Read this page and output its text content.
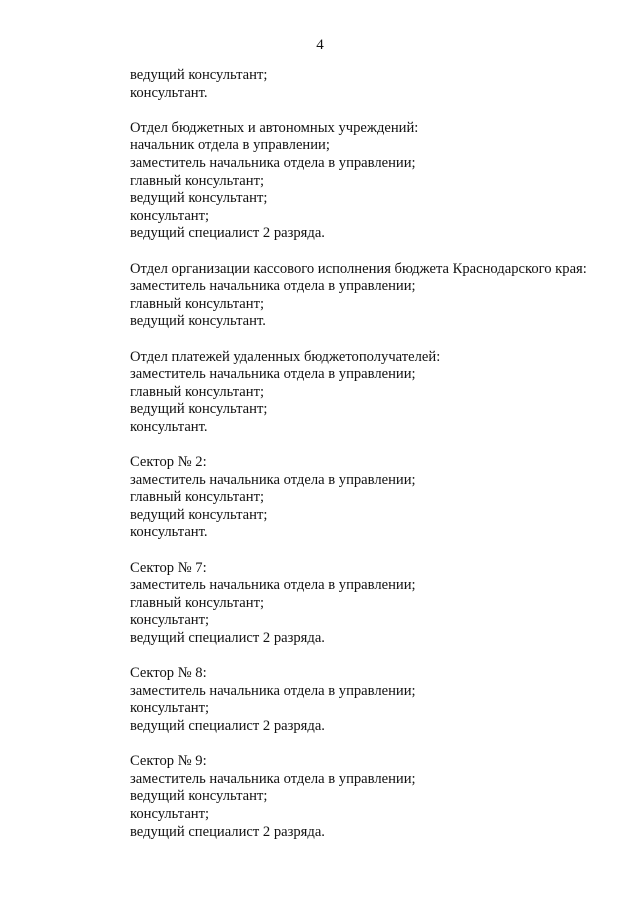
4
ведущий консультант;
консультант.
Отдел бюджетных и автономных учреждений:
начальник отдела в управлении;
заместитель начальника отдела в управлении;
главный консультант;
ведущий консультант;
консультант;
ведущий специалист 2 разряда.
Отдел организации кассового исполнения бюджета Краснодарского края:
заместитель начальника отдела в управлении;
главный консультант;
ведущий консультант.
Отдел платежей удаленных бюджетополучателей:
заместитель начальника отдела в управлении;
главный консультант;
ведущий консультант;
консультант.
Сектор № 2:
заместитель начальника отдела в управлении;
главный консультант;
ведущий консультант;
консультант.
Сектор № 7:
заместитель начальника отдела в управлении;
главный консультант;
консультант;
ведущий специалист 2 разряда.
Сектор № 8:
заместитель начальника отдела в управлении;
консультант;
ведущий специалист 2 разряда.
Сектор № 9:
заместитель начальника отдела в управлении;
ведущий консультант;
консультант;
ведущий специалист 2 разряда.
